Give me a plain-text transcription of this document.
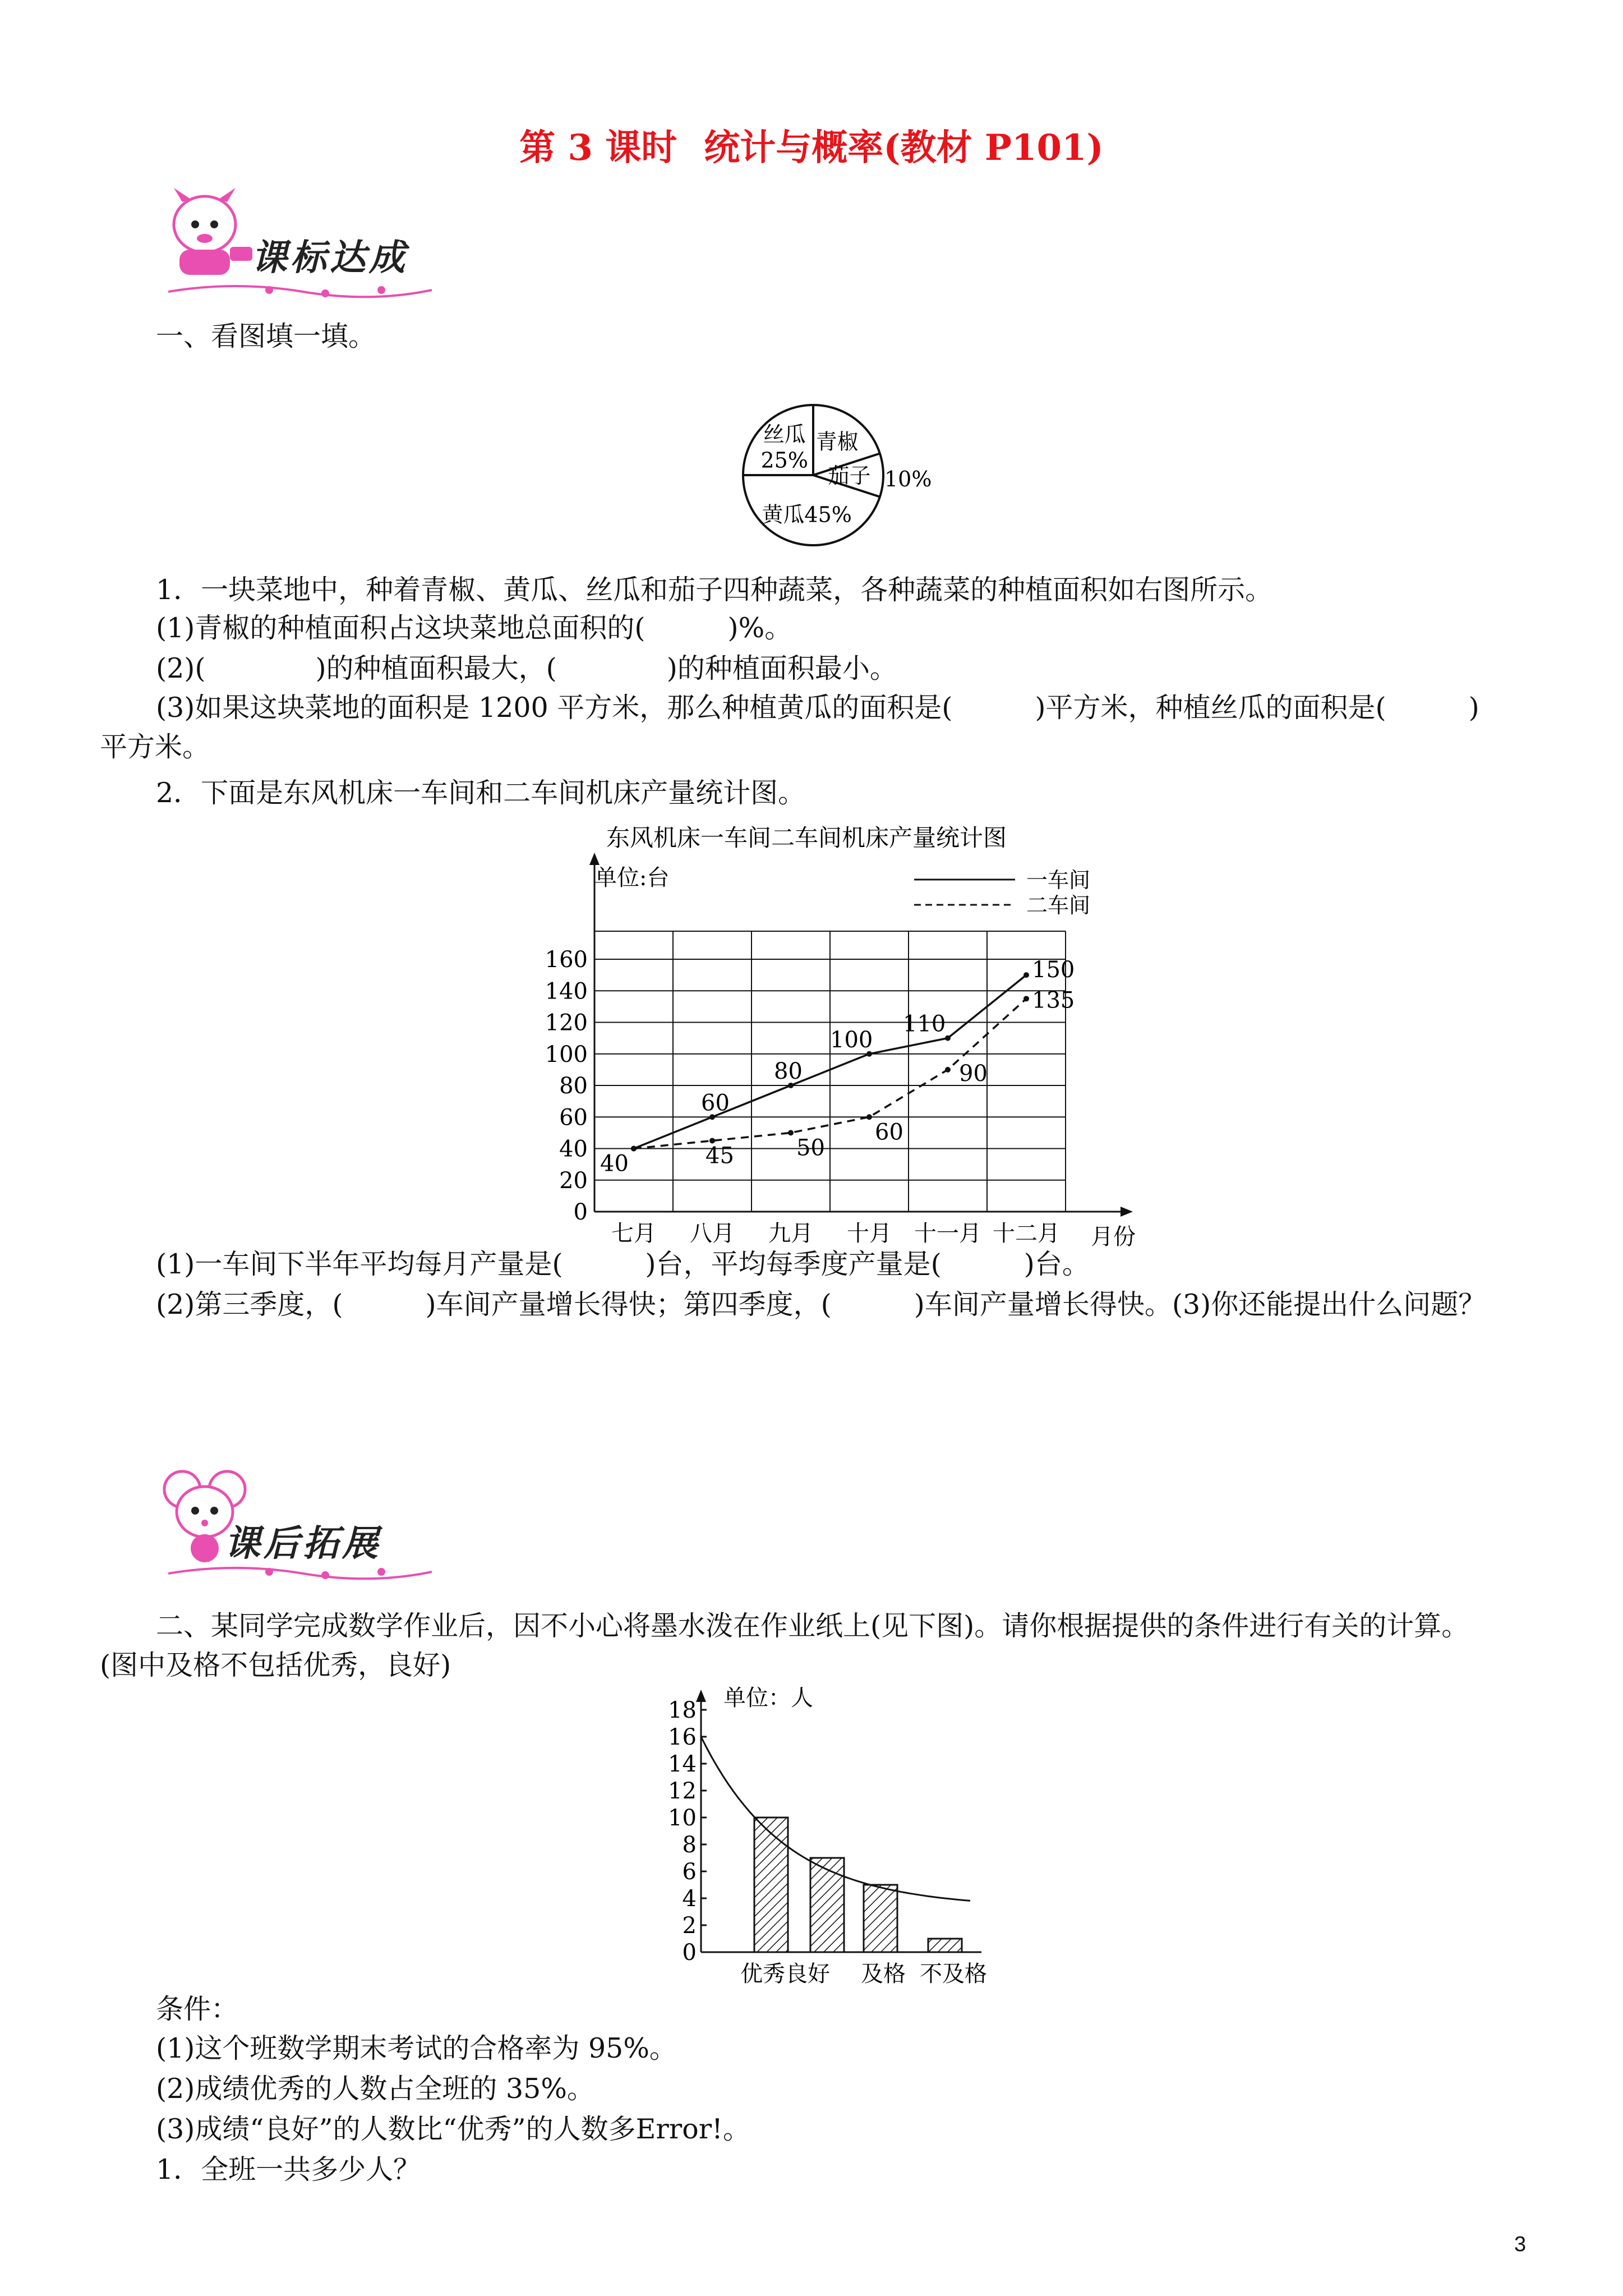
第 3 课时 统计与概率(教材 P101)
课标达成
一、看图填一填。
青椒
茄子 10%
黄瓜45%
丝瓜
25%
1．一块菜地中，种着青椒、黄瓜、丝瓜和茄子四种蔬菜，各种蔬菜的种植面积如右图所示。
(1)青椒的种植面积占这块菜地总面积的(　　　)%。
(2)(　　　　)的种植面积最大，(　　　　)的种植面积最小。
(3)如果这块菜地的面积是 1200 平方米，那么种植黄瓜的面积是(　　　)平方米，种植丝瓜的面积是(　　　)
平方米。
2．下面是东风机床一车间和二车间机床产量统计图。
东风机床一车间二车间机床产量统计图
单位:台	一车间
二车间
0
20
40
60
80
100
120
140
160
七月 八月 九月 十月 十一月 十二月 月份
40
60
80
100
110
150
45	50
60
90
135
(1)一车间下半年平均每月产量是(　　　)台，平均每季度产量是(　　　)台。
(2)第三季度，(　　　)车间产量增长得快；第四季度，(　　　)车间产量增长得快。(3)你还能提出什么问题？
课后拓展
二、某同学完成数学作业后，因不小心将墨水泼在作业纸上(见下图)。请你根据提供的条件进行有关的计算。
(图中及格不包括优秀，良好)
单位：人
0
2
4
6
8
10
12
14
16
18
优秀良好 及格 不及格
条件：
(1)这个班数学期末考试的合格率为 95%。
(2)成绩优秀的人数占全班的 35%。
(3)成绩“良好”的人数比“优秀”的人数多Error!。
1．全班一共多少人？
3
